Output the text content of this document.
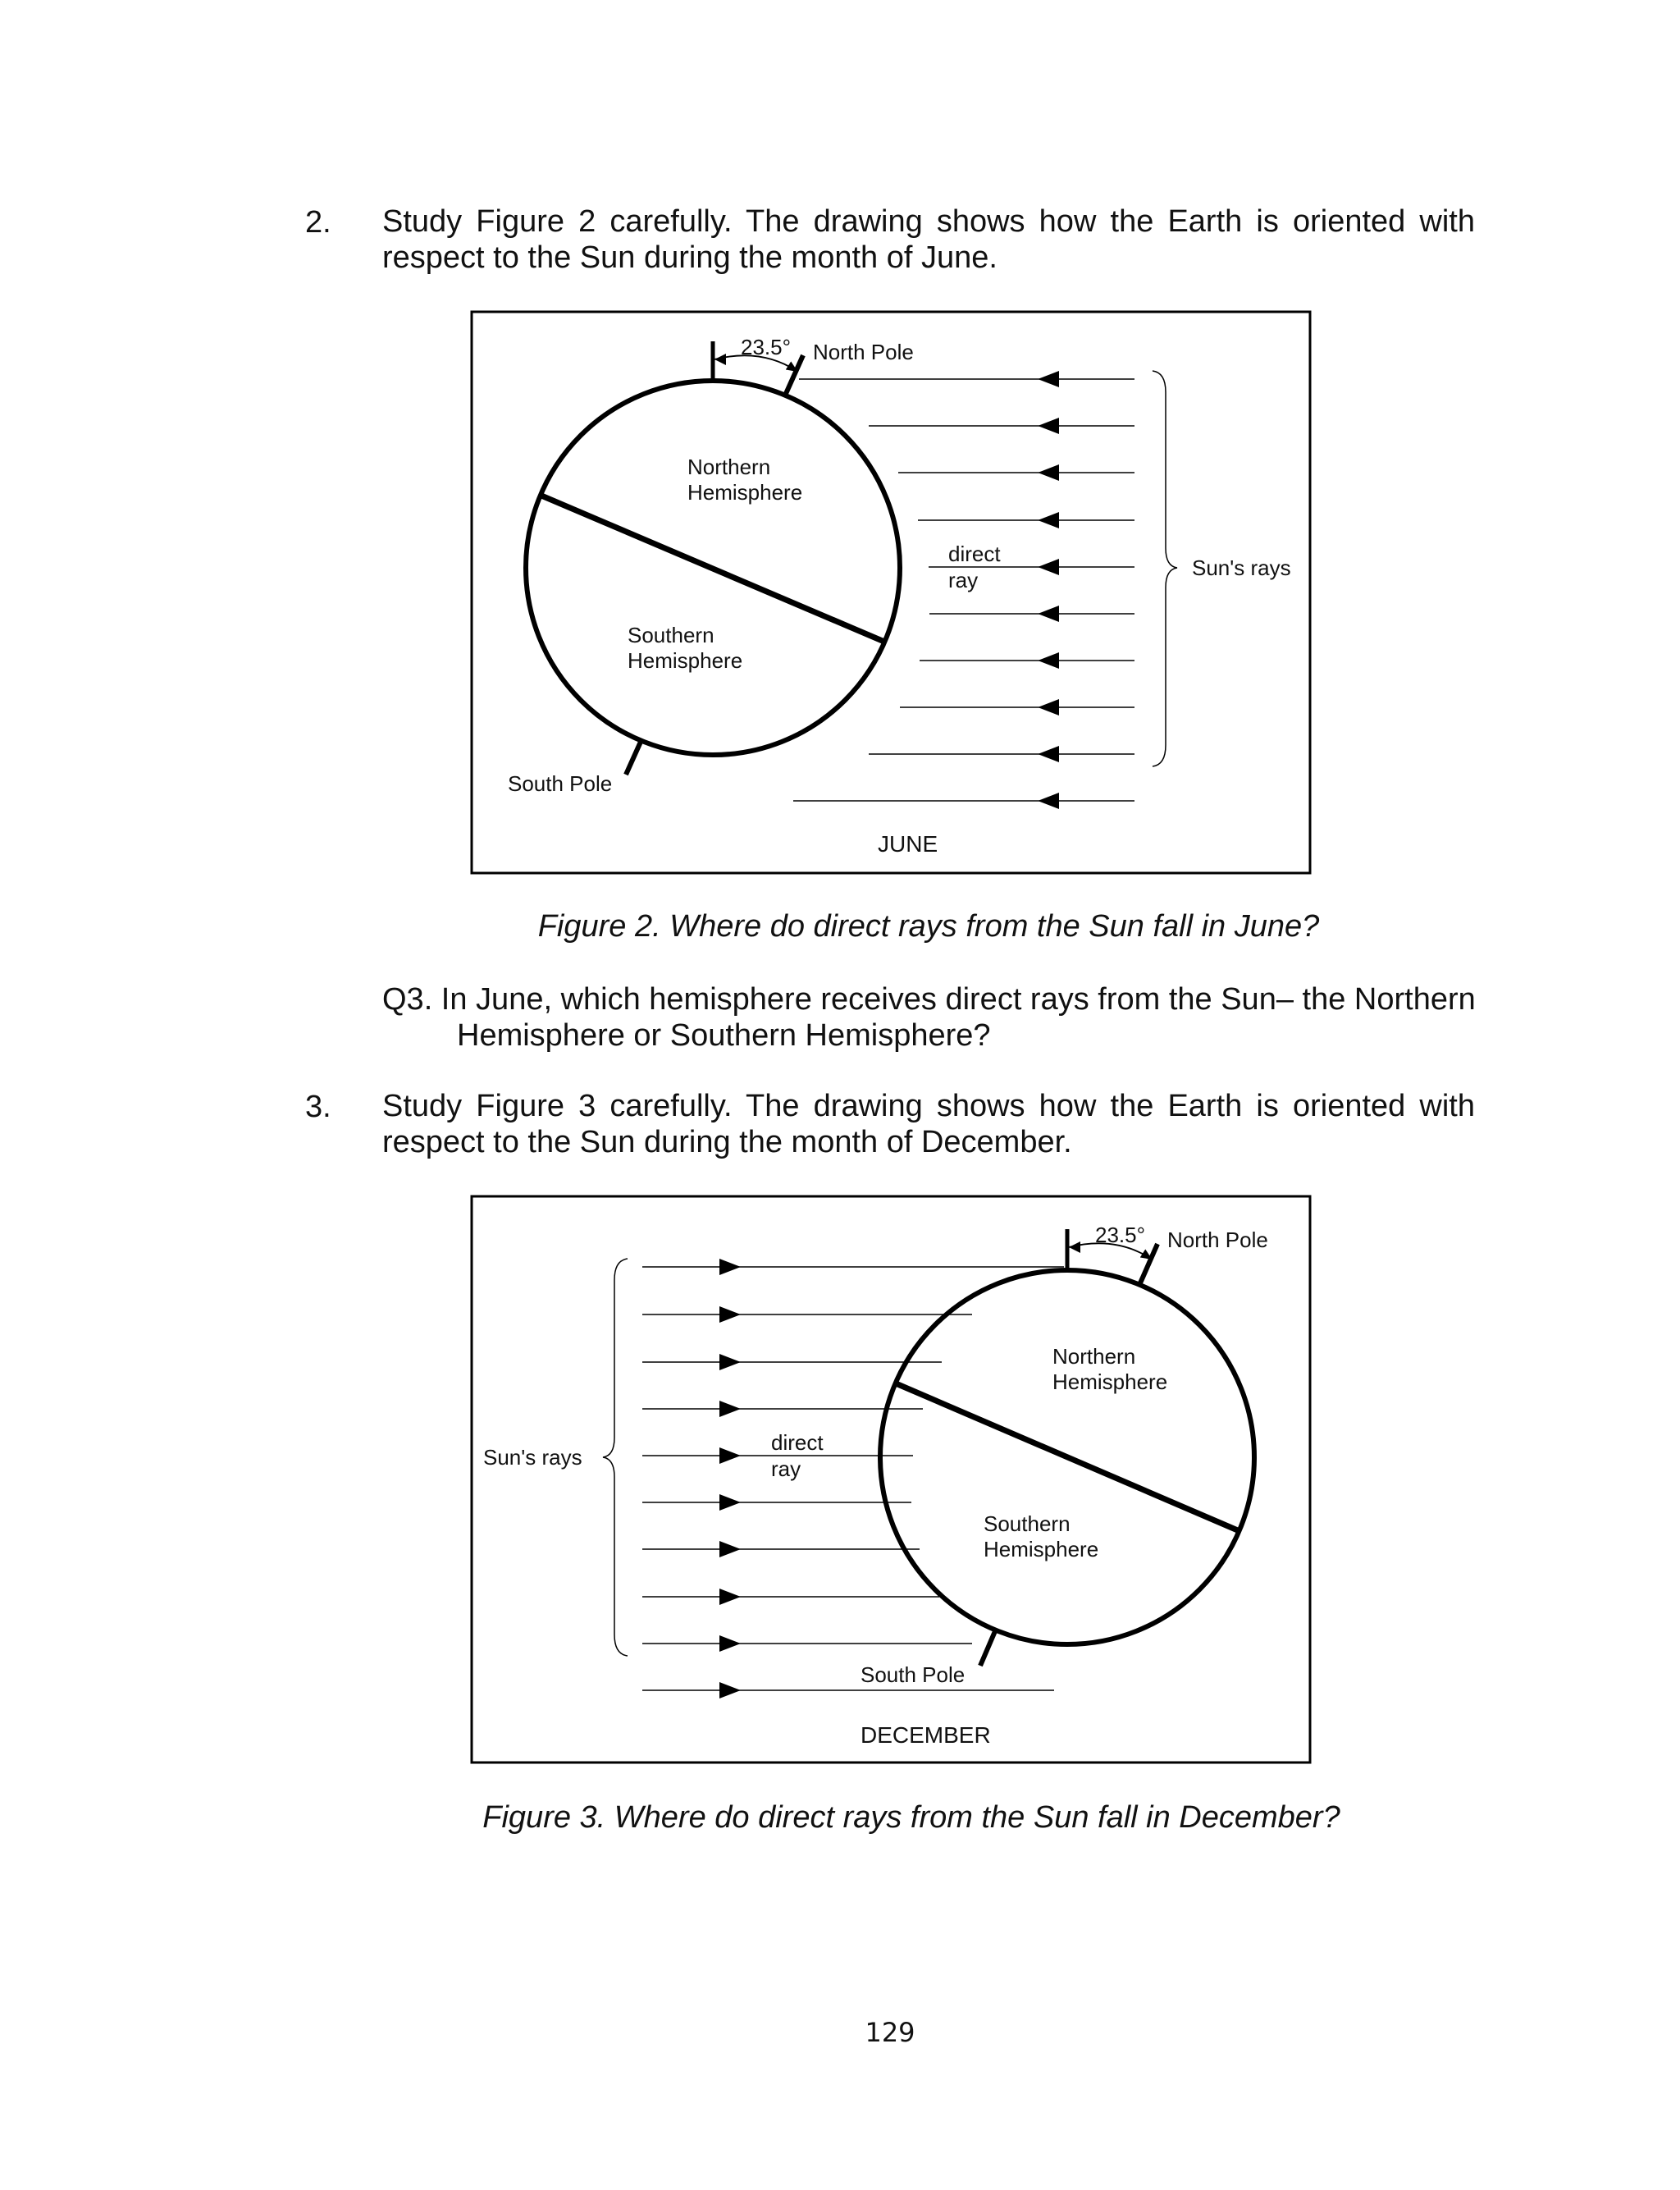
2. Study Figure 2 carefully. The drawing shows how the Earth is oriented with respect to the Sun during the month of June.
23.5° North Pole
Northern
Hemisphere
Southern
Hemisphere
direct
ray	Sun's rays
South Pole
JUNE
Figure 2. Where do direct rays from the Sun fall in June?
Q3. In June, which hemisphere receives direct rays from the Sun– the Northern
Hemisphere or Southern Hemisphere?
3. Study Figure 3 carefully. The drawing shows how the Earth is oriented with respect to the Sun during the month of December.
23.5° North Pole
Northern
Hemisphere
Southern
Hemisphere
direct
ray
Sun's rays
South Pole
DECEMBER
Figure 3. Where do direct rays from the Sun fall in December?
129
